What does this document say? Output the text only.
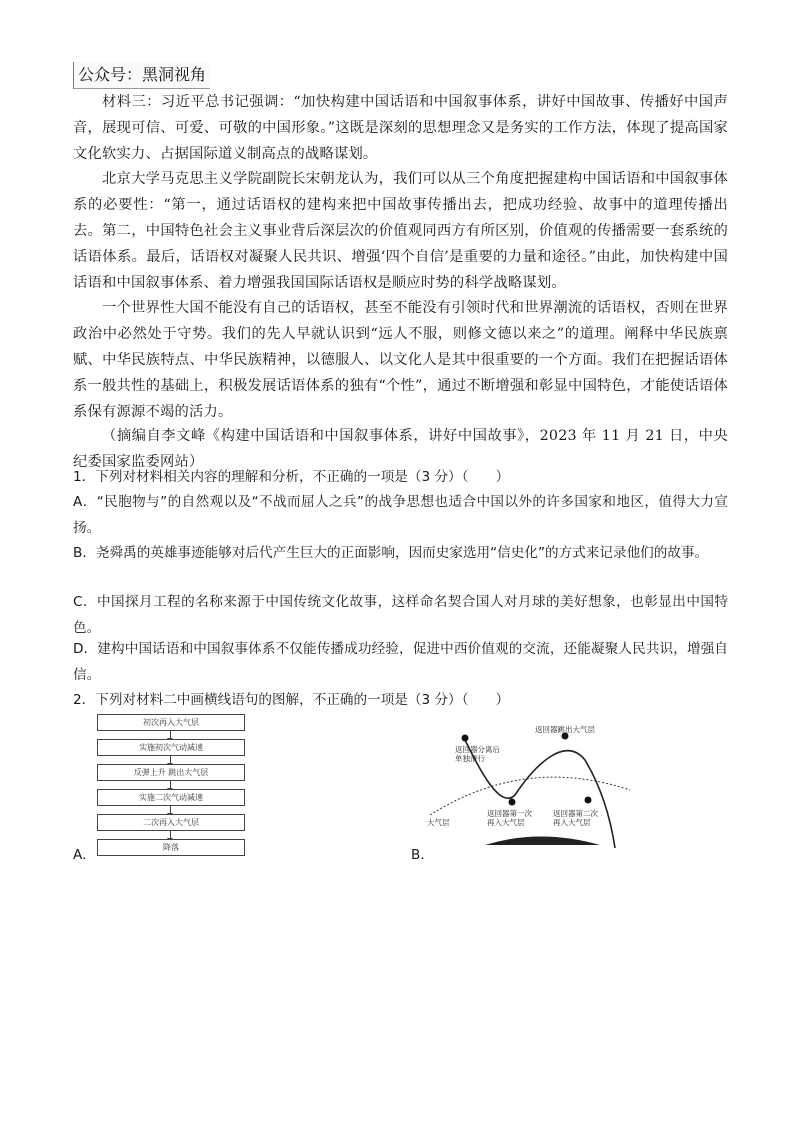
公众号：黑洞视角

材料三：习近平总书记强调：“加快构建中国话语和中国叙事体系，讲好中国故事、传播好中国声音，展现可信、可爱、可敬的中国形象。”这既是深刻的思想理念又是务实的工作方法，体现了提高国家文化软实力、占据国际道义制高点的战略谋划。

北京大学马克思主义学院副院长宋朝龙认为，我们可以从三个角度把握建构中国话语和中国叙事体系的必要性：“第一，通过话语权的建构来把中国故事传播出去，把成功经验、故事中的道理传播出去。第二，中国特色社会主义事业背后深层次的价值观同西方有所区别，价值观的传播需要一套系统的话语体系。最后，话语权对凝聚人民共识、增强‘四个自信’是重要的力量和途径。”由此，加快构建中国话语和中国叙事体系、着力增强我国国际话语权是顺应时势的科学战略谋划。

一个世界性大国不能没有自己的话语权，甚至不能没有引领时代和世界潮流的话语权，否则在世界政治中必然处于守势。我们的先人早就认识到“远人不服，则修文德以来之”的道理。阐释中华民族禀赋、中华民族特点、中华民族精神，以德服人、以文化人是其中很重要的一个方面。我们在把握话语体系一般共性的基础上，积极发展话语体系的独有“个性”，通过不断增强和彰显中国特色，才能使话语体系保有源源不竭的活力。

（摘编自李文峰《构建中国话语和中国叙事体系，讲好中国故事》，2023 年 11 月 21 日，中央纪委国家监委网站）

1．下列对材料相关内容的理解和分析，不正确的一项是（3 分）（　　）

A．“民胞物与”的自然观以及“不战而屈人之兵”的战争思想也适合中国以外的许多国家和地区，值得大力宣扬。

B．尧舜禹的英雄事迹能够对后代产生巨大的正面影响，因而史家选用“信史化”的方式来记录他们的故事。

C．中国探月工程的名称来源于中国传统文化故事，这样命名契合国人对月球的美好想象，也彰显出中国特色。

D．建构中国话语和中国叙事体系不仅能传播成功经验，促进中西价值观的交流，还能凝聚人民共识，增强自信。

2．下列对材料二中画横线语句的图解，不正确的一项是（3 分）（　　）

初次再入大气层
实施初次气动减速
反弹上升 跳出大气层
实施二次气动减速
二次再入大气层
降落
A．
返回器分离后单独滑行
返回器跳出大气层
返回器第一次再入大气层
返回器第二次再入大气层
大气层
B．
